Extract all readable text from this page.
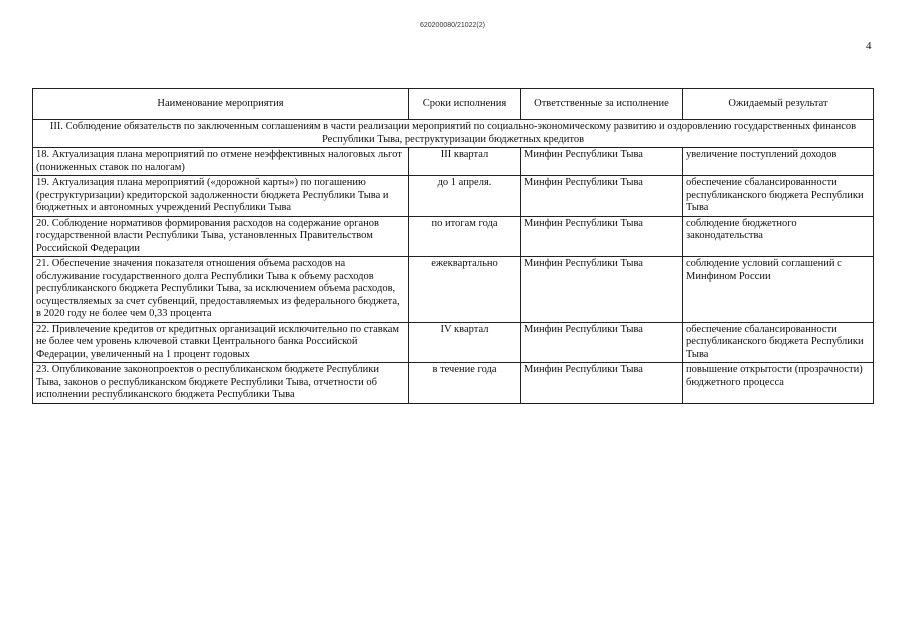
620200080/21022(2)
4
Наименование мероприятия	Сроки исполнения	Ответственные за исполнение	Ожидаемый результат
III. Соблюдение обязательств по заключенным соглашениям в части реализации мероприятий по социально-экономическому развитию и оздоровлению государственных финансов Республики Тыва, реструктуризации бюджетных кредитов			
18. Актуализация плана мероприятий по отмене неэффективных налоговых льгот (пониженных ставок по налогам)	III квартал	Минфин Республики Тыва	увеличение поступлений доходов
19. Актуализация плана мероприятий («дорожной карты») по погашению (реструктуризации) кредиторской задолженности бюджета Республики Тыва и бюджетных и автономных учреждений Республики Тыва	до 1 апреля.	Минфин Республики Тыва	обеспечение сбалансированности республиканского бюджета Республики Тыва
20. Соблюдение нормативов формирования расходов на содержание органов государственной власти Республики Тыва, установленных Правительством Российской Федерации	по итогам года	Минфин Республики Тыва	соблюдение бюджетного законодательства
21. Обеспечение значения показателя отношения объема расходов на обслуживание государственного долга Республики Тыва к объему расходов республиканского бюджета Республики Тыва, за исключением объема расходов, осуществляемых за счет субвенций, предоставляемых из федерального бюджета, в 2020 году не более чем 0,33 процента	ежеквартально	Минфин Республики Тыва	соблюдение условий соглашений с Минфином России
22. Привлечение кредитов от кредитных организаций исключительно по ставкам не более чем уровень ключевой ставки Центрального банка Российской Федерации, увеличенный на 1 процент годовых	IV квартал	Минфин Республики Тыва	обеспечение сбалансированности республиканского бюджета Республики Тыва
23. Опубликование законопроектов о республиканском бюджете Республики Тыва, законов о республиканском бюджете Республики Тыва, отчетности об исполнении республиканского бюджета Республики Тыва	в течение года	Минфин Республики Тыва	повышение открытости (прозрачности) бюджетного процесса
